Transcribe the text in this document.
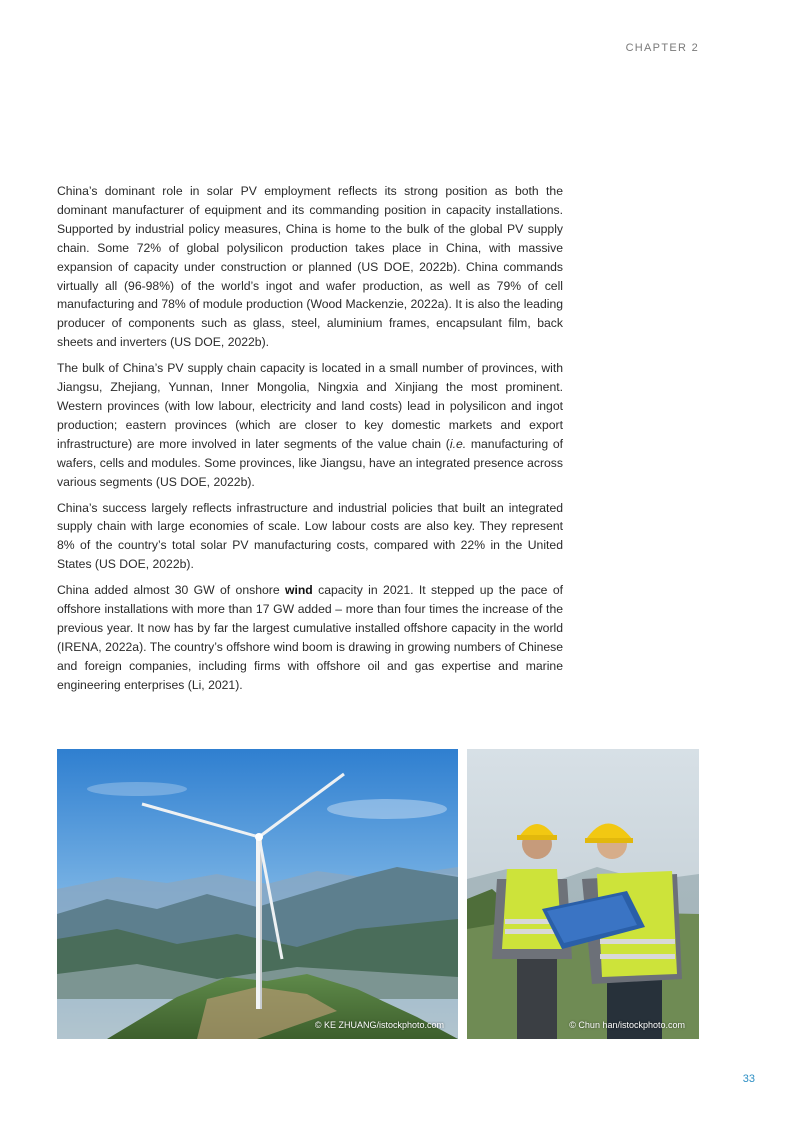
CHAPTER 2

China’s dominant role in solar PV employment reflects its strong position as both the dominant manufacturer of equipment and its commanding position in capacity installations. Supported by industrial policy measures, China is home to the bulk of the global PV supply chain. Some 72% of global polysilicon production takes place in China, with massive expansion of capacity under construction or planned (US DOE, 2022b). China commands virtually all (96-98%) of the world’s ingot and wafer production, as well as 79% of cell manufacturing and 78% of module production (Wood Mackenzie, 2022a). It is also the leading producer of components such as glass, steel, aluminium frames, encapsulant film, back sheets and inverters (US DOE, 2022b).

The bulk of China’s PV supply chain capacity is located in a small number of provinces, with Jiangsu, Zhejiang, Yunnan, Inner Mongolia, Ningxia and Xinjiang the most prominent. Western provinces (with low labour, electricity and land costs) lead in polysilicon and ingot production; eastern provinces (which are closer to key domestic markets and export infrastructure) are more involved in later segments of the value chain (i.e. manufacturing of wafers, cells and modules. Some provinces, like Jiangsu, have an integrated presence across various segments (US DOE, 2022b).

China’s success largely reflects infrastructure and industrial policies that built an integrated supply chain with large economies of scale. Low labour costs are also key. They represent 8% of the country’s total solar PV manufacturing costs, compared with 22% in the United States (US DOE, 2022b).

China added almost 30 GW of onshore wind capacity in 2021. It stepped up the pace of offshore installations with more than 17 GW added – more than four times the increase of the previous year. It now has by far the largest cumulative installed offshore capacity in the world (IRENA, 2022a). The country’s offshore wind boom is drawing in growing numbers of Chinese and foreign companies, including firms with offshore oil and gas expertise and marine engineering enterprises (Li, 2021).

© KE ZHUANG/istockphoto.com	© Chun han/istockphoto.com
33
